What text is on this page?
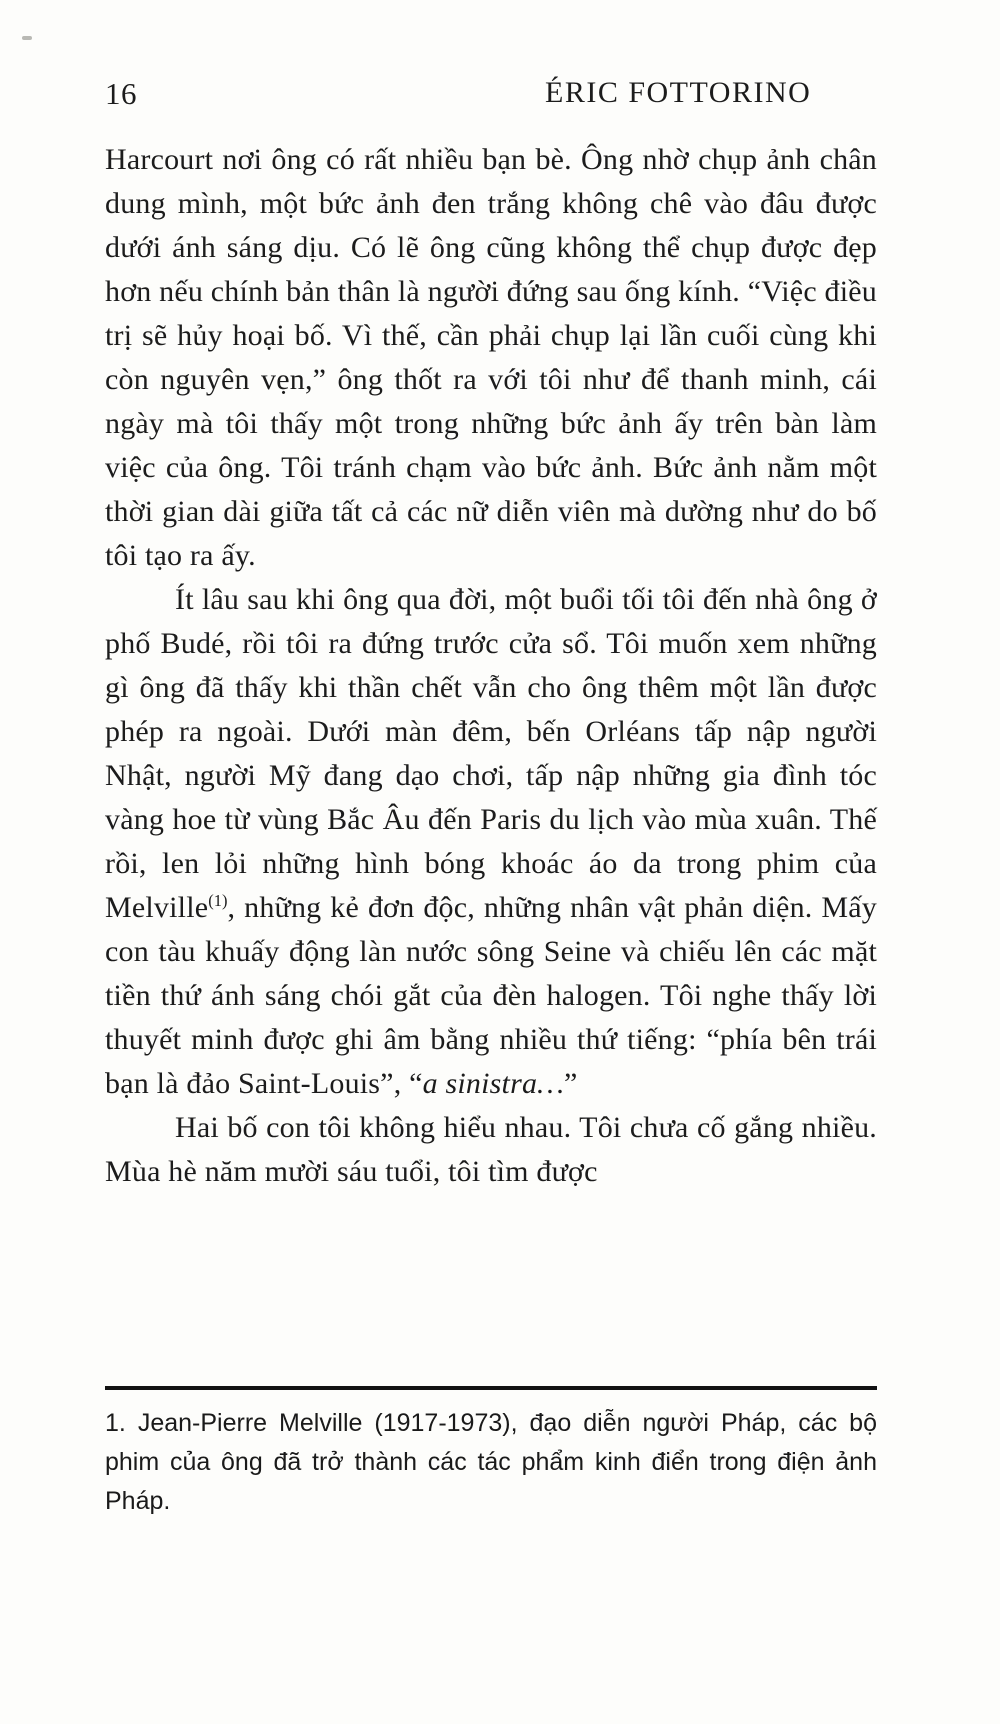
16	ÉRIC FOTTORINO

Harcourt nơi ông có rất nhiều bạn bè. Ông nhờ chụp ảnh chân dung mình, một bức ảnh đen trắng không chê vào đâu được dưới ánh sáng dịu. Có lẽ ông cũng không thể chụp được đẹp hơn nếu chính bản thân là người đứng sau ống kính. “Việc điều trị sẽ hủy hoại bố. Vì thế, cần phải chụp lại lần cuối cùng khi còn nguyên vẹn,” ông thốt ra với tôi như để thanh minh, cái ngày mà tôi thấy một trong những bức ảnh ấy trên bàn làm việc của ông. Tôi tránh chạm vào bức ảnh. Bức ảnh nằm một thời gian dài giữa tất cả các nữ diễn viên mà dường như do bố tôi tạo ra ấy.

Ít lâu sau khi ông qua đời, một buổi tối tôi đến nhà ông ở phố Budé, rồi tôi ra đứng trước cửa sổ. Tôi muốn xem những gì ông đã thấy khi thần chết vẫn cho ông thêm một lần được phép ra ngoài. Dưới màn đêm, bến Orléans tấp nập người Nhật, người Mỹ đang dạo chơi, tấp nập những gia đình tóc vàng hoe từ vùng Bắc Âu đến Paris du lịch vào mùa xuân. Thế rồi, len lỏi những hình bóng khoác áo da trong phim của Melville$^{(1)}$, những kẻ đơn độc, những nhân vật phản diện. Mấy con tàu khuấy động làn nước sông Seine và chiếu lên các mặt tiền thứ ánh sáng chói gắt của đèn halogen. Tôi nghe thấy lời thuyết minh được ghi âm bằng nhiều thứ tiếng: “phía bên trái bạn là đảo Saint-Louis”, “a sinistra…”

Hai bố con tôi không hiểu nhau. Tôi chưa cố gắng nhiều. Mùa hè năm mười sáu tuổi, tôi tìm được

1. Jean-Pierre Melville (1917-1973), đạo diễn người Pháp, các bộ phim của ông đã trở thành các tác phẩm kinh điển trong điện ảnh Pháp.
